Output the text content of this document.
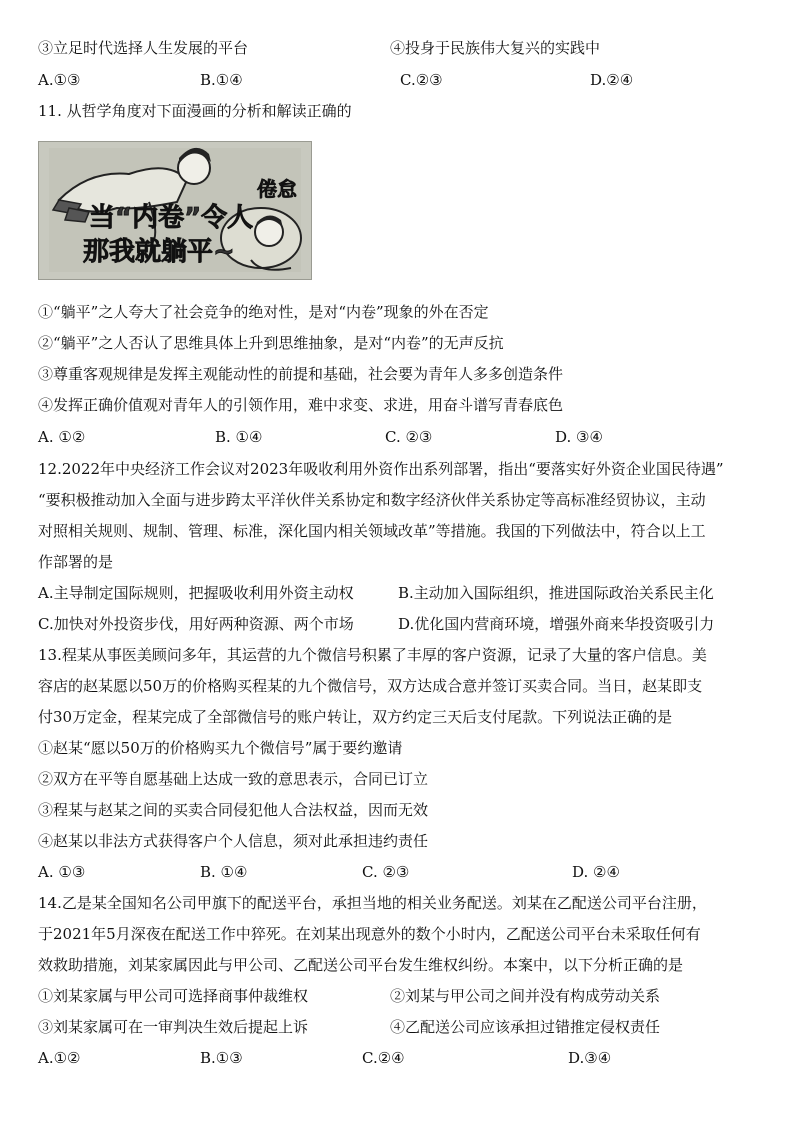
③立足时代选择人生发展的平台	④投身于民族伟大复兴的实践中
A.①③	B.①④	C.②③	D.②④
11. 从哲学角度对下面漫画的分析和解读正确的
当“内卷”令人
那我就躺平~
倦怠
①“躺平”之人夸大了社会竞争的绝对性，是对“内卷”现象的外在否定
②“躺平”之人否认了思维具体上升到思维抽象，是对“内卷”的无声反抗
③尊重客观规律是发挥主观能动性的前提和基础，社会要为青年人多多创造条件
④发挥正确价值观对青年人的引领作用，难中求变、求进，用奋斗谱写青春底色
A. ①②	B. ①④	C. ②③	D. ③④
12.2022年中央经济工作会议对2023年吸收利用外资作出系列部署，指出“要落实好外资企业国民待遇”
“要积极推动加入全面与进步跨太平洋伙伴关系协定和数字经济伙伴关系协定等高标准经贸协议，主动
对照相关规则、规制、管理、标准，深化国内相关领域改革”等措施。我国的下列做法中，符合以上工
作部署的是
A.主导制定国际规则，把握吸收利用外资主动权	B.主动加入国际组织，推进国际政治关系民主化
C.加快对外投资步伐，用好两种资源、两个市场	D.优化国内营商环境，增强外商来华投资吸引力
13.程某从事医美顾问多年，其运营的九个微信号积累了丰厚的客户资源，记录了大量的客户信息。美
容店的赵某愿以50万的价格购买程某的九个微信号，双方达成合意并签订买卖合同。当日，赵某即支
付30万定金，程某完成了全部微信号的账户转让，双方约定三天后支付尾款。下列说法正确的是
①赵某“愿以50万的价格购买九个微信号”属于要约邀请
②双方在平等自愿基础上达成一致的意思表示，合同已订立
③程某与赵某之间的买卖合同侵犯他人合法权益，因而无效
④赵某以非法方式获得客户个人信息，须对此承担违约责任
A. ①③	B. ①④	C. ②③	D. ②④
14.乙是某全国知名公司甲旗下的配送平台，承担当地的相关业务配送。刘某在乙配送公司平台注册，
于2021年5月深夜在配送工作中猝死。在刘某出现意外的数个小时内，乙配送公司平台未采取任何有
效救助措施，刘某家属因此与甲公司、乙配送公司平台发生维权纠纷。本案中，以下分析正确的是
①刘某家属与甲公司可选择商事仲裁维权	②刘某与甲公司之间并没有构成劳动关系
③刘某家属可在一审判决生效后提起上诉	④乙配送公司应该承担过错推定侵权责任
A.①②	B.①③	C.②④	D.③④
